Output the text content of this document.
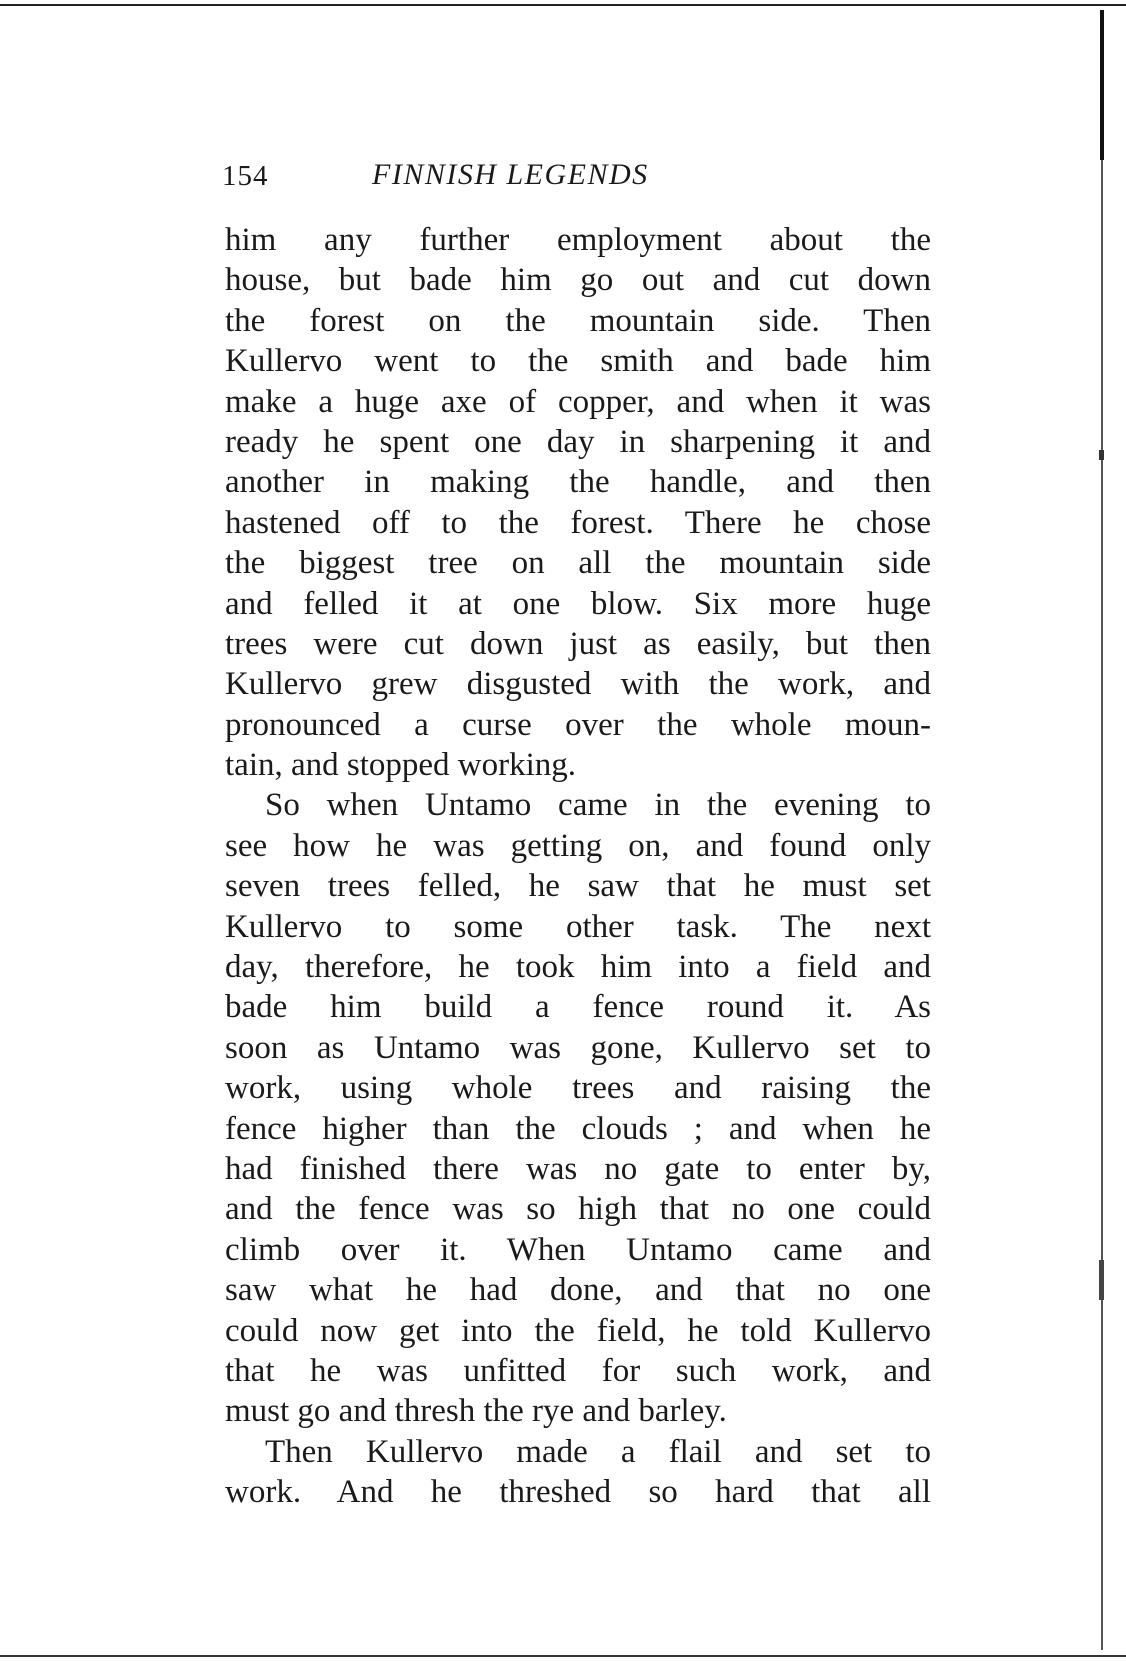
154	FINNISH LEGENDS
him any further employment about the
house, but bade him go out and cut down
the forest on the mountain side. Then
Kullervo went to the smith and bade him
make a huge axe of copper, and when it was
ready he spent one day in sharpening it and
another in making the handle, and then
hastened off to the forest. There he chose
the biggest tree on all the mountain side
and felled it at one blow. Six more huge
trees were cut down just as easily, but then
Kullervo grew disgusted with the work, and
pronounced a curse over the whole moun-
tain, and stopped working.
So when Untamo came in the evening to
see how he was getting on, and found only
seven trees felled, he saw that he must set
Kullervo to some other task. The next
day, therefore, he took him into a field and
bade him build a fence round it. As
soon as Untamo was gone, Kullervo set to
work, using whole trees and raising the
fence higher than the clouds ; and when he
had finished there was no gate to enter by,
and the fence was so high that no one could
climb over it. When Untamo came and
saw what he had done, and that no one
could now get into the field, he told Kullervo
that he was unfitted for such work, and
must go and thresh the rye and barley.
Then Kullervo made a flail and set to
work. And he threshed so hard that all
